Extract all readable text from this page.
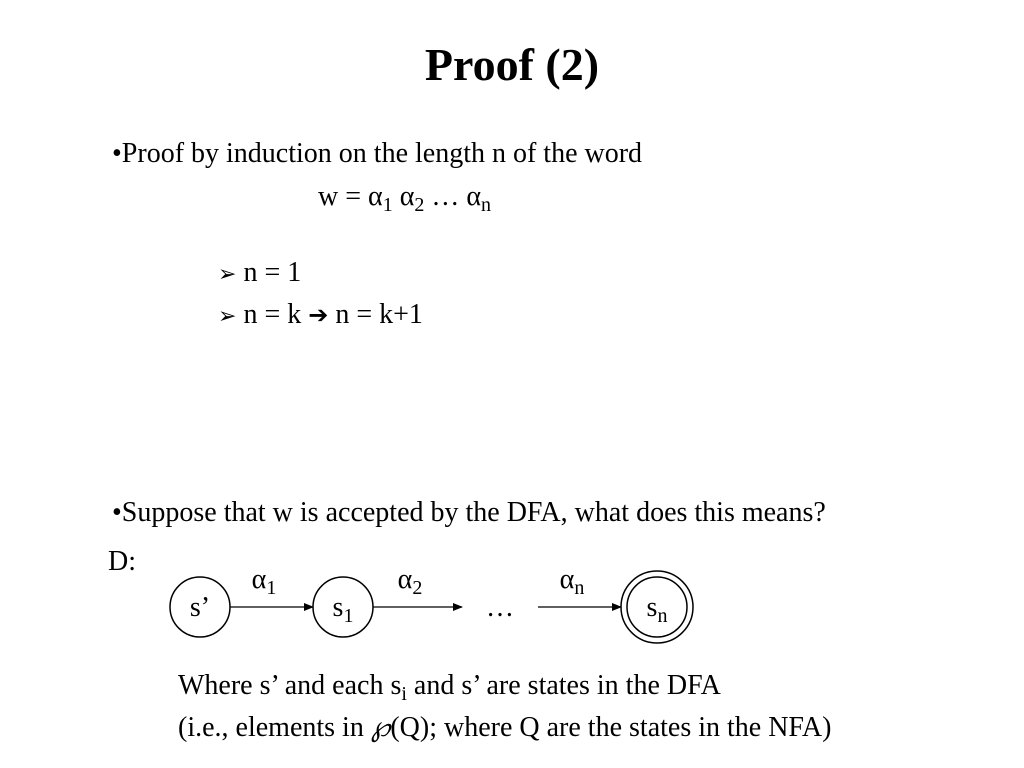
Proof (2)
•Proof by induction on the length n of the word
$w = \alpha_1$ $\alpha_2$ … $\alpha_n$
➢ n = 1
➢ n = k ➔ n = k+1
•Suppose that w is accepted by the DFA, what does this means?
D:
s’	$s_1$	$s_n$
$\alpha_1$	$\alpha_2$	$\alpha_n$
…
Where s’ and each $s_i$ and s’ are states in the DFA
(i.e., elements in ℘(Q); where Q are the states in the NFA)
